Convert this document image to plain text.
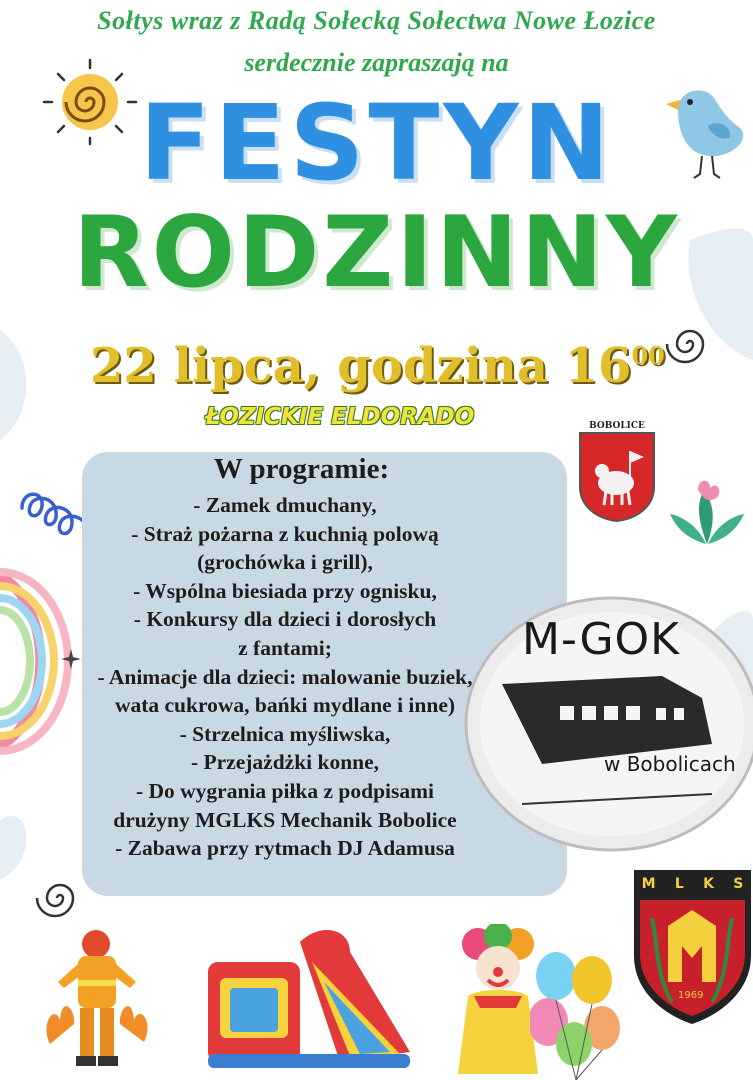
Sołtys wraz z Radą Sołecką Sołectwa Nowe Łozice
serdecznie zapraszają na
FESTYN
RODZINNY
22 lipca, godzina $16^{00}$
ŁOZICKIE ELDORADO
W programie:
- Zamek dmuchany,
- Straż pożarna z kuchnią polową
(grochówka i grill),
- Wspólna biesiada przy ognisku,
- Konkursy dla dzieci i dorosłych
z fantami;
- Animacje dla dzieci: malowanie buziek,
wata cukrowa, bańki mydlane i inne)
- Strzelnica myśliwska,
- Przejażdżki konne,
- Do wygrania piłka z podpisami
drużyny MGLKS Mechanik Bobolice
- Zabawa przy rytmach DJ Adamusa
BOBOLICE
M-GOK
w Bobolicach
M L K S
1969
